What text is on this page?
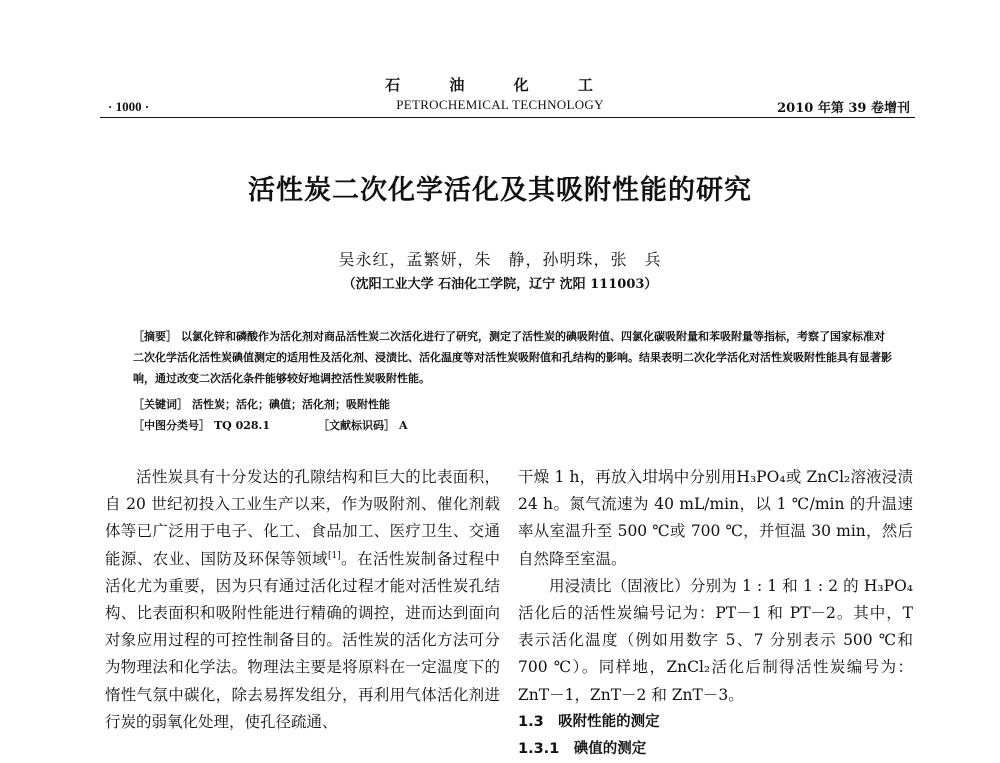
石 油 化 工
· 1000 ·	PETROCHEMICAL TECHNOLOGY	2010 年第 39 卷增刊
活性炭二次化学活化及其吸附性能的研究
吴永红，孟繁妍，朱　静，孙明珠，张　兵
（沈阳工业大学 石油化工学院，辽宁 沈阳 111003）
［摘要］ 以氯化锌和磷酸作为活化剂对商品活性炭二次活化进行了研究，测定了活性炭的碘吸附值、四氯化碳吸附量和苯吸附量等指标，考察了国家标准对二次化学活化活性炭碘值测定的适用性及活化剂、浸渍比、活化温度等对活性炭吸附值和孔结构的影响。结果表明二次化学活化对活性炭吸附性能具有显著影响，通过改变二次活化条件能够较好地调控活性炭吸附性能。
［关键词］ 活性炭；活化；碘值；活化剂；吸附性能
［中图分类号］ TQ 028.1	［文献标识码］ A

活性炭具有十分发达的孔隙结构和巨大的比表面积，自 20 世纪初投入工业生产以来，作为吸附剂、催化剂载体等已广泛用于电子、化工、食品加工、医疗卫生、交通能源、农业、国防及环保等领域[1]。在活性炭制备过程中活化尤为重要，因为只有通过活化过程才能对活性炭孔结构、比表面积和吸附性能进行精确的调控，进而达到面向对象应用过程的可控性制备目的。活性炭的活化方法可分为物理法和化学法。物理法主要是将原料在一定温度下的惰性气氛中碳化，除去易挥发组分，再利用气体活化剂进行炭的弱氧化处理，使孔径疏通、

干燥 1 h，再放入坩埚中分别用H₃PO₄或 ZnCl₂溶液浸渍24 h。氮气流速为 40 mL/min，以 1 ℃/min 的升温速率从室温升至 500 ℃或 700 ℃，并恒温 30 min，然后自然降至室温。

用浸渍比（固液比）分别为 1 : 1 和 1 : 2 的 H₃PO₄活化后的活性炭编号记为：PT－1 和 PT－2。其中，T 表示活化温度（例如用数字 5、7 分别表示 500 ℃和 700 ℃）。同样地，ZnCl₂活化后制得活性炭编号为：ZnT－1，ZnT－2 和 ZnT－3。

1.3　吸附性能的测定

1.3.1　碘值的测定
